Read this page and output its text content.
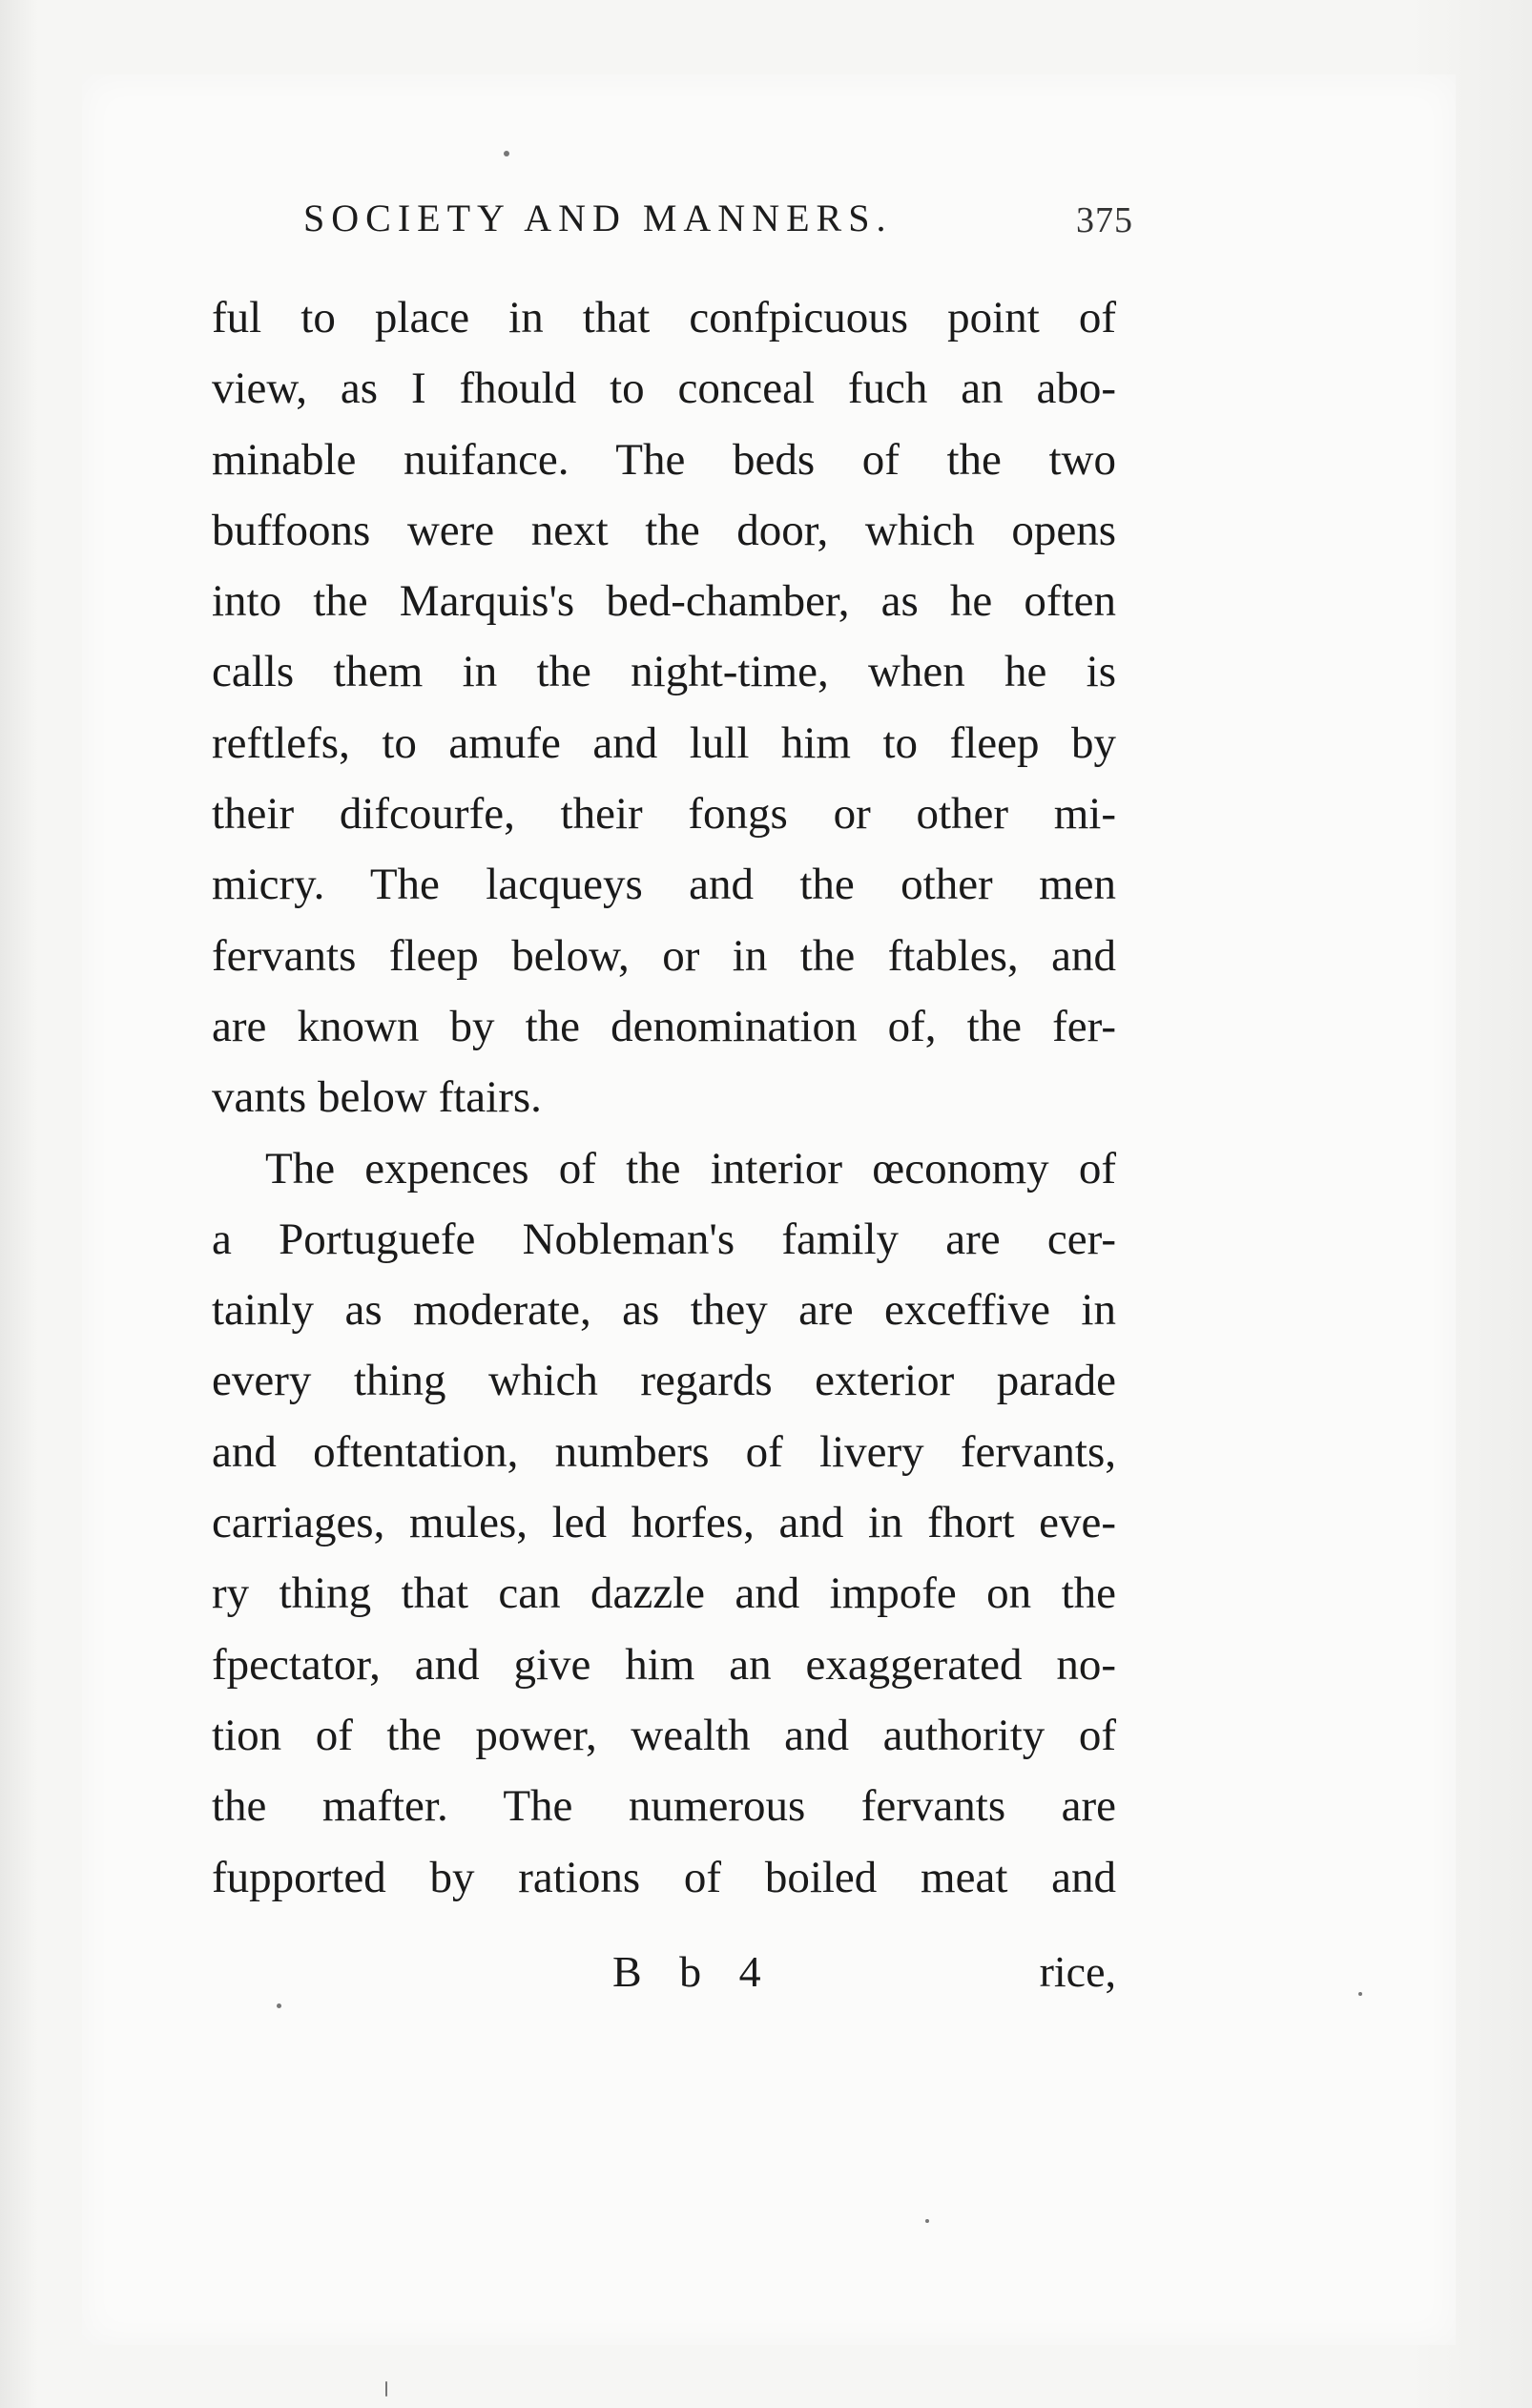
SOCIETY AND MANNERS.	375
ful to place in that confpicuous point of
view, as I fhould to conceal fuch an abo-
minable nuifance. The beds of the two
buffoons were next the door, which opens
into the Marquis's bed-chamber, as he often
calls them in the night-time, when he is
reftlefs, to amufe and lull him to fleep by
their difcourfe, their fongs or other mi-
micry. The lacqueys and the other men
fervants fleep below, or in the ftables, and
are known by the denomination of, the fer-
vants below ftairs.
The expences of the interior œconomy of
a Portuguefe Nobleman's family are cer-
tainly as moderate, as they are exceffive in
every thing which regards exterior parade
and oftentation, numbers of livery fervants,
carriages, mules, led horfes, and in fhort eve-
ry thing that can dazzle and impofe on the
fpectator, and give him an exaggerated no-
tion of the power, wealth and authority of
the mafter. The numerous fervants are
fupported by rations of boiled meat and
B b 4	rice,
